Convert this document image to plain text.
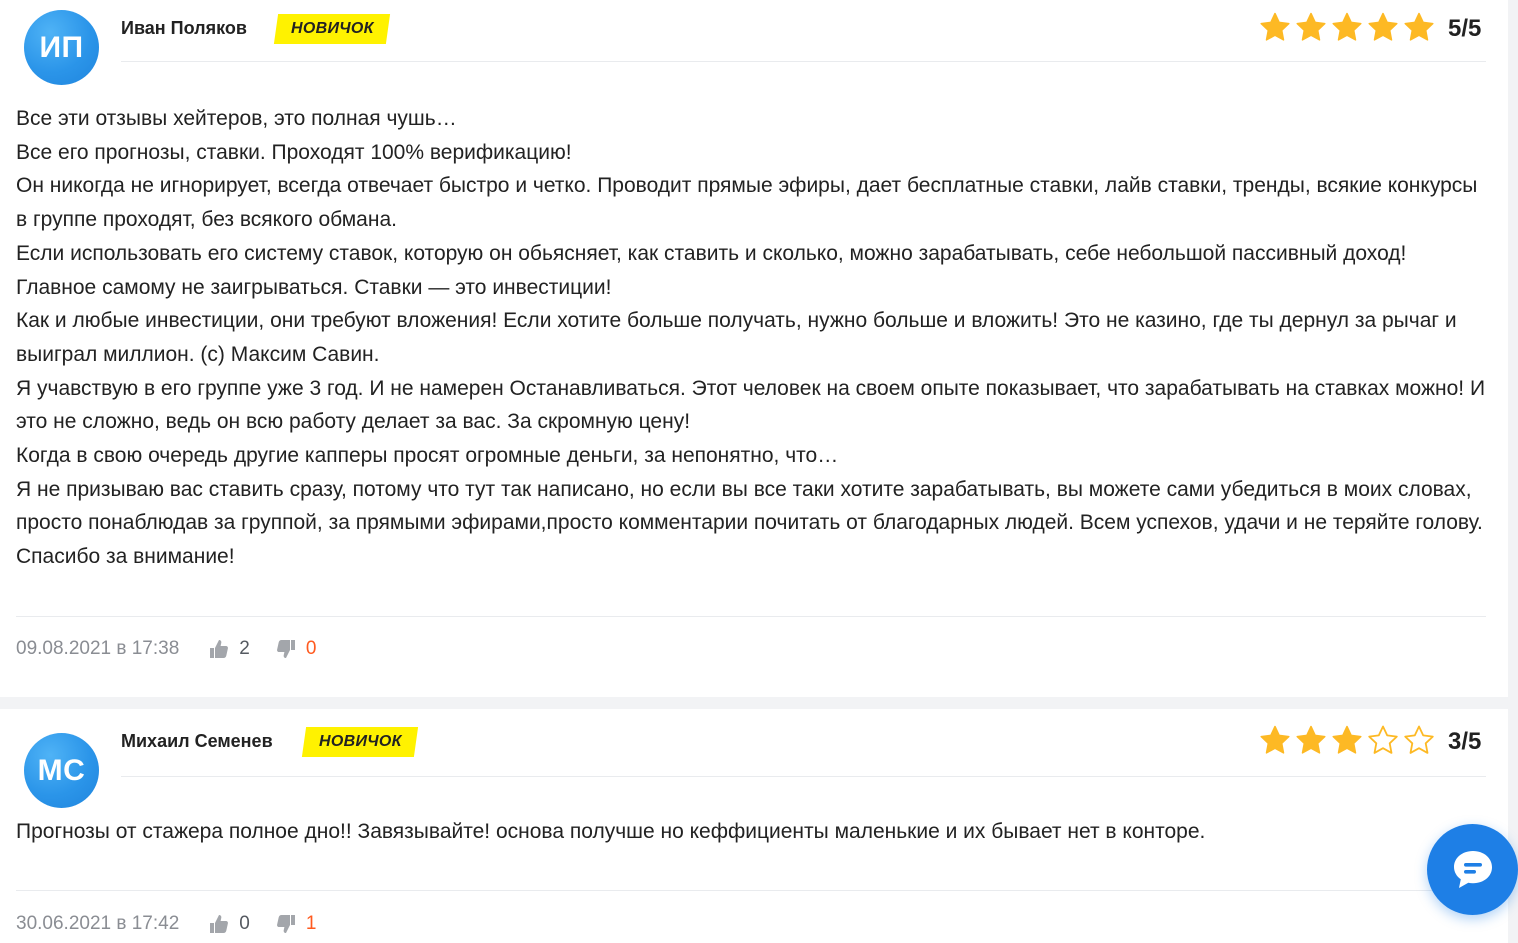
ИП
Иван Поляков	НОВИЧОК	5/5

Все эти отзывы хейтеров, это полная чушь…

Все его прогнозы, ставки. Проходят 100% верификацию!

Он никогда не игнорирует, всегда отвечает быстро и четко. Проводит прямые эфиры, дает бесплатные ставки, лайв ставки, тренды, всякие конкурсы в группе проходят, без всякого обмана.

Если использовать его систему ставок, которую он обьясняет, как ставить и сколько, можно зарабатывать, себе небольшой пассивный доход! Главное самому не заигрываться. Ставки — это инвестиции!

Как и любые инвестиции, они требуют вложения! Если хотите больше получать, нужно больше и вложить! Это не казино, где ты дернул за рычаг и выиграл миллион. (с) Максим Савин.

Я учавствую в его группе уже 3 год. И не намерен Останавливаться. Этот человек на своем опыте показывает, что зарабатывать на ставках можно! И это не сложно, ведь он всю работу делает за вас. За скромную цену!

Когда в свою очередь другие капперы просят огромные деньги, за непонятно, что…

Я не призываю вас ставить сразу, потому что тут так написано, но если вы все таки хотите зарабатывать, вы можете сами убедиться в моих словах, просто понаблюдав за группой, за прямыми эфирами,просто комментарии почитать от благодарных людей. Всем успехов, удачи и не теряйте голову. Спасибо за внимание!

09.08.2021 в 17:38	2	0
МС
Михаил Семенев	НОВИЧОК	3/5

Прогнозы от стажера полное дно!! Завязывайте! основа получше но кеффициенты маленькие и их бывает нет в конторе.

30.06.2021 в 17:42	0	1
